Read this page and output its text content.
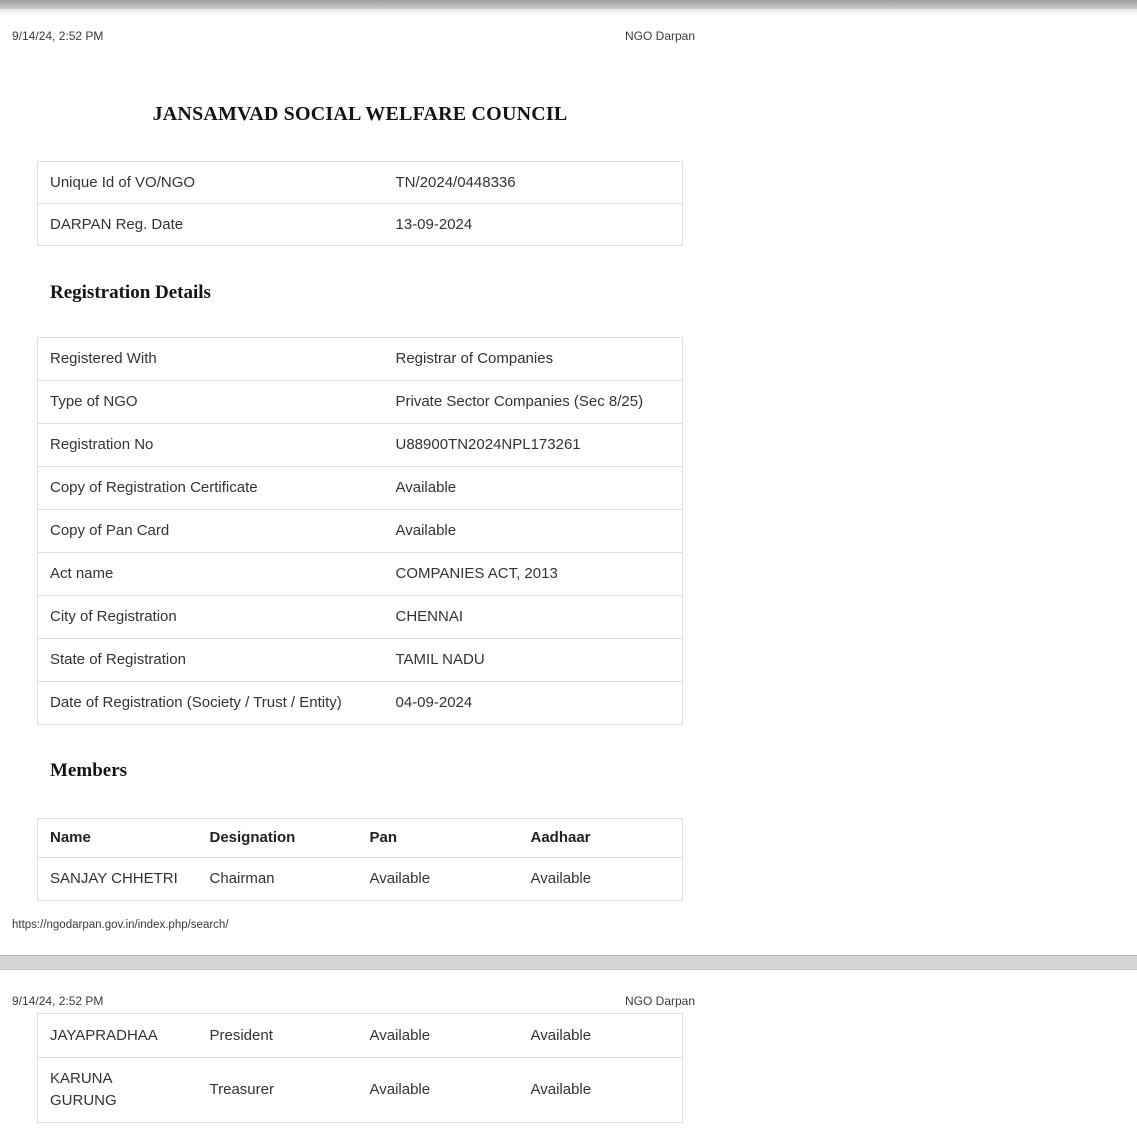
9/14/24, 2:52 PM	NGO Darpan
JANSAMVAD SOCIAL WELFARE COUNCIL
Unique Id of VO/NGO	TN/2024/0448336
DARPAN Reg. Date	13-09-2024
Registration Details
Registered With	Registrar of Companies
Type of NGO	Private Sector Companies (Sec 8/25)
Registration No	U88900TN2024NPL173261
Copy of Registration Certificate	Available
Copy of Pan Card	Available
Act name	COMPANIES ACT, 2013
City of Registration	CHENNAI
State of Registration	TAMIL NADU
Date of Registration (Society / Trust / Entity)	04-09-2024
Members
Name	Designation	Pan	Aadhaar
SANJAY CHHETRI	Chairman	Available	Available
https://ngodarpan.gov.in/index.php/search/
9/14/24, 2:52 PM	NGO Darpan
JAYAPRADHAA	President	Available	Available
KARUNA GURUNG	Treasurer	Available	Available
